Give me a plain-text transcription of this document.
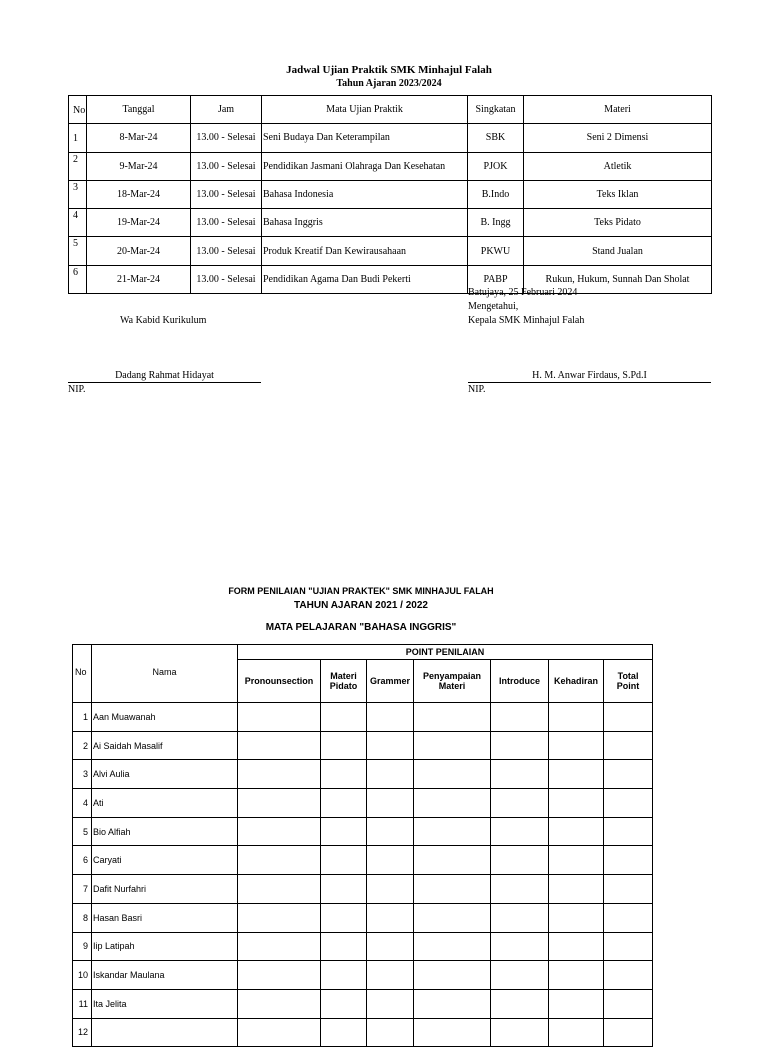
Jadwal Ujian Praktik SMK Minhajul Falah
Tahun Ajaran 2023/2024
No	Tanggal	Jam	Mata Ujian Praktik	Singkatan	Materi
1	8-Mar-24	13.00 - Selesai	Seni Budaya Dan Keterampilan	SBK	Seni 2 Dimensi
2	9-Mar-24	13.00 - Selesai	Pendidikan Jasmani Olahraga Dan Kesehatan	PJOK	Atletik
3	18-Mar-24	13.00 - Selesai	Bahasa Indonesia	B.Indo	Teks Iklan
4	19-Mar-24	13.00 - Selesai	Bahasa Inggris	B. Ingg	Teks Pidato
5	20-Mar-24	13.00 - Selesai	Produk Kreatif Dan Kewirausahaan	PKWU	Stand Jualan
6	21-Mar-24	13.00 - Selesai	Pendidikan Agama Dan Budi Pekerti	PABP	Rukun, Hukum, Sunnah Dan Sholat
Batujaya, 25 Februari 2024
Mengetahui,
Kepala SMK Minhajul Falah
Wa Kabid Kurikulum
Dadang Rahmat Hidayat
NIP.
H. M. Anwar Firdaus, S.Pd.I
NIP.
FORM PENILAIAN "UJIAN PRAKTEK" SMK MINHAJUL FALAH
TAHUN AJARAN 2021 / 2022
MATA PELAJARAN "BAHASA INGGRIS"
No	Nama	POINT PENILAIAN						
		Pronounsection	Materi Pidato	Grammer	Penyampaian Materi	Introduce	Kehadiran	Total Point
1	Aan Muawanah							
2	Ai Saidah Masalif							
3	Alvi Aulia							
4	Ati							
5	Bio Alfiah							
6	Caryati							
7	Dafit Nurfahri							
8	Hasan Basri							
9	Iip Latipah							
10	Iskandar Maulana							
11	Ita Jelita							
12								
